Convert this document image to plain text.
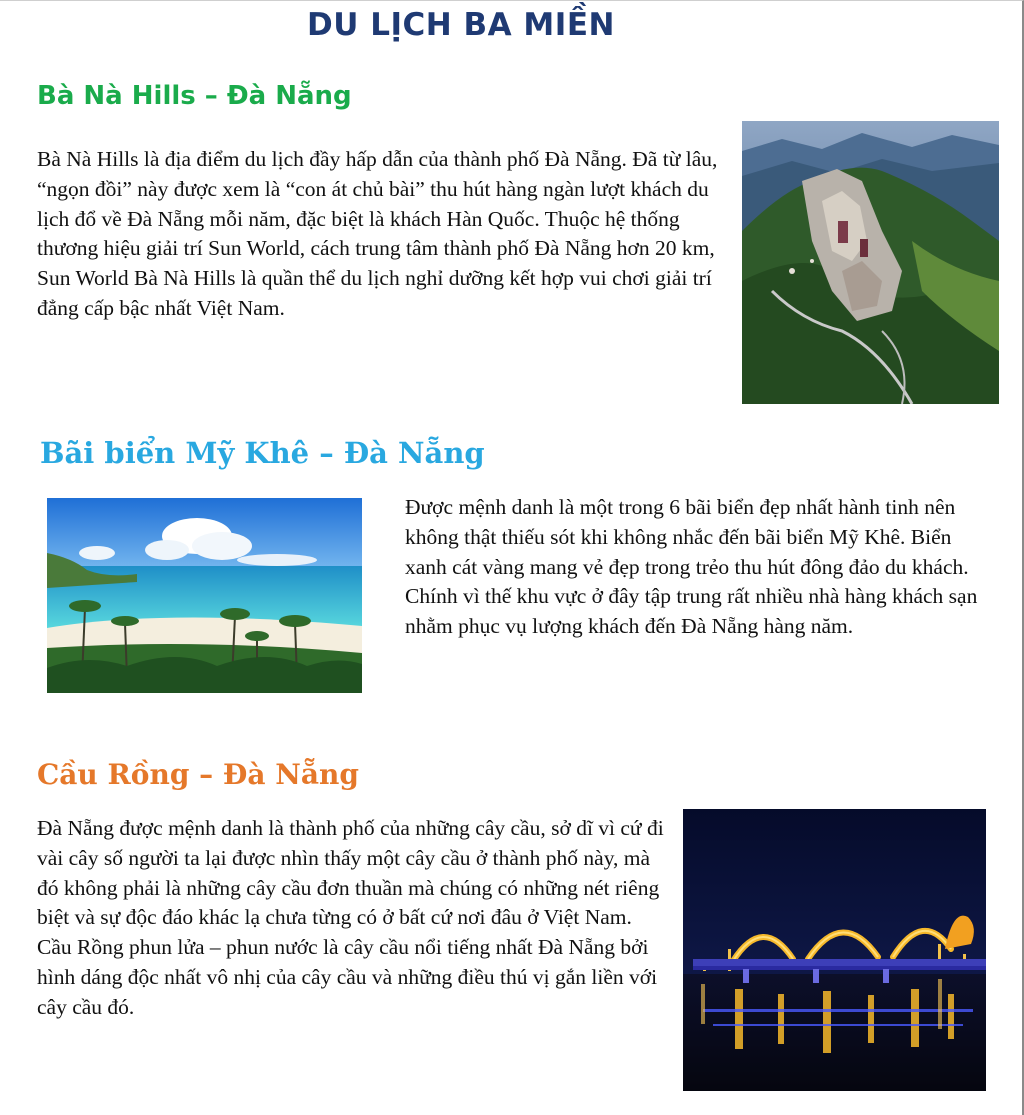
DU LỊCH BA MIỀN
Bà Nà Hills – Đà Nẵng

Bà Nà Hills là địa điểm du lịch đầy hấp dẫn của thành phố Đà Nẵng. Đã từ lâu, “ngọn đồi” này được xem là “con át chủ bài” thu hút hàng ngàn lượt khách du lịch đổ về Đà Nẵng mỗi năm, đặc biệt là khách Hàn Quốc. Thuộc hệ thống thương hiệu giải trí Sun World, cách trung tâm thành phố Đà Nẵng hơn 20 km, Sun World Bà Nà Hills là quần thể du lịch nghỉ dưỡng kết hợp vui chơi giải trí đẳng cấp bậc nhất Việt Nam.

Bãi biển Mỹ Khê – Đà Nẵng

Được mệnh danh là một trong 6 bãi biển đẹp nhất hành tinh nên không thật thiếu sót khi không nhắc đến bãi biển Mỹ Khê. Biển xanh cát vàng mang vẻ đẹp trong trẻo thu hút đông đảo du khách. Chính vì thế khu vực ở đây tập trung rất nhiều nhà hàng khách sạn nhằm phục vụ lượng khách đến Đà Nẵng hàng năm.

Cầu Rồng – Đà Nẵng

Đà Nẵng được mệnh danh là thành phố của những cây cầu, sở dĩ vì cứ đi vài cây số người ta lại được nhìn thấy một cây cầu ở thành phố này, mà đó không phải là những cây cầu đơn thuần mà chúng có những nét riêng biệt và sự độc đáo khác lạ chưa từng có ở bất cứ nơi đâu ở Việt Nam. Cầu Rồng phun lửa – phun nước là cây cầu nổi tiếng nhất Đà Nẵng bởi hình dáng độc nhất vô nhị của cây cầu và những điều thú vị gắn liền với cây cầu đó.
